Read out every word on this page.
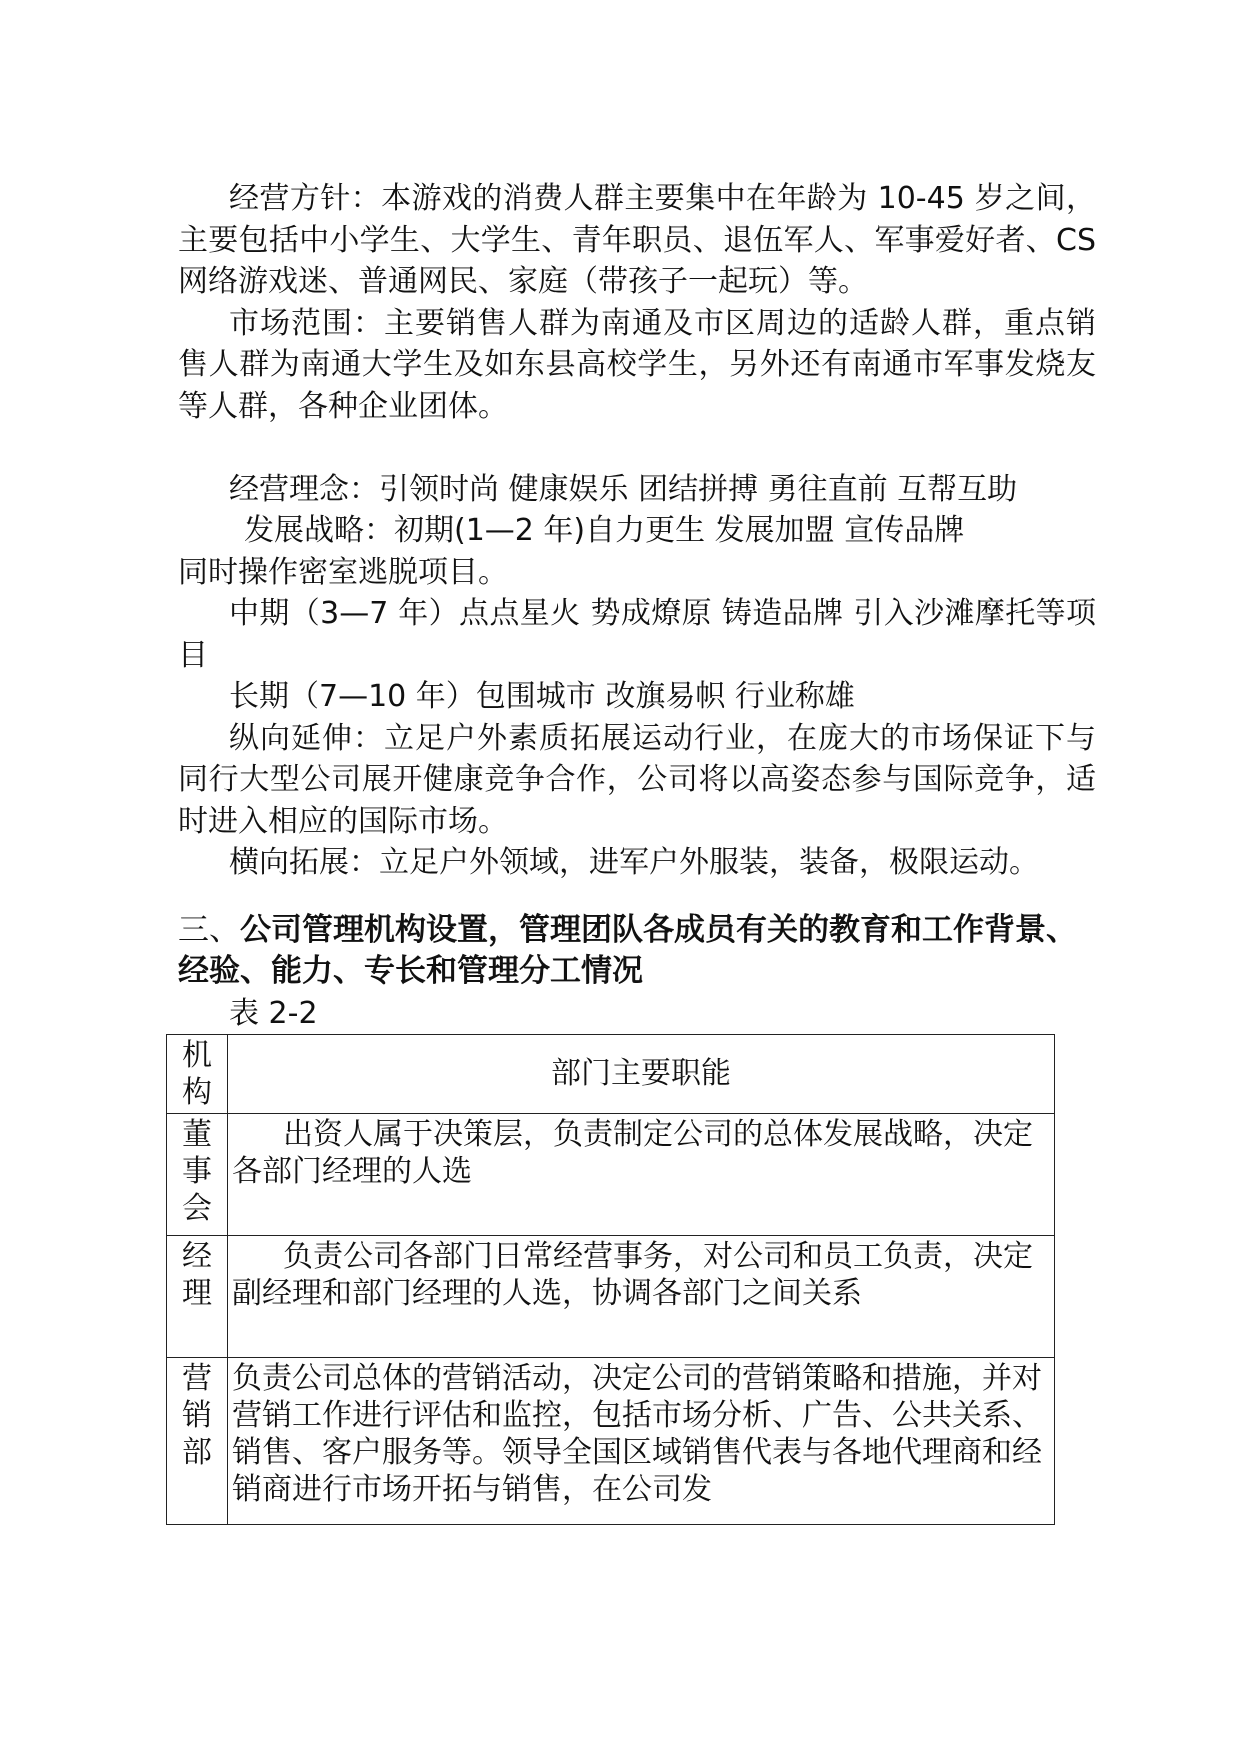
经营方针：本游戏的消费人群主要集中在年龄为 10-45 岁之间，主要包括中小学生、大学生、青年职员、退伍军人、军事爱好者、CS 网络游戏迷、普通网民、家庭（带孩子一起玩）等。

市场范围：主要销售人群为南通及市区周边的适龄人群，重点销售人群为南通大学生及如东县高校学生，另外还有南通市军事发烧友等人群，各种企业团体。

经营理念：引领时尚 健康娱乐 团结拼搏 勇往直前 互帮互助

发展战略：初期(1—2 年)自力更生 发展加盟 宣传品牌

同时操作密室逃脱项目。

中期（3—7 年）点点星火 势成燎原 铸造品牌 引入沙滩摩托等项目

长期（7—10 年）包围城市 改旗易帜 行业称雄

纵向延伸：立足户外素质拓展运动行业，在庞大的市场保证下与同行大型公司展开健康竞争合作，公司将以高姿态参与国际竞争，适时进入相应的国际市场。

横向拓展：立足户外领域，进军户外服装，装备，极限运动。

三、公司管理机构设置，管理团队各成员有关的教育和工作背景、经验、能力、专长和管理分工情况

表 2-2

机构	部门主要职能

董事会	出资人属于决策层，负责制定公司的总体发展战略，决定各部门经理的人选

经理	负责公司各部门日常经营事务，对公司和员工负责，决定副经理和部门经理的人选，协调各部门之间关系

营销部	负责公司总体的营销活动，决定公司的营销策略和措施，并对营销工作进行评估和监控，包括市场分析、广告、公共关系、销售、客户服务等。领导全国区域销售代表与各地代理商和经销商进行市场开拓与销售，在公司发
